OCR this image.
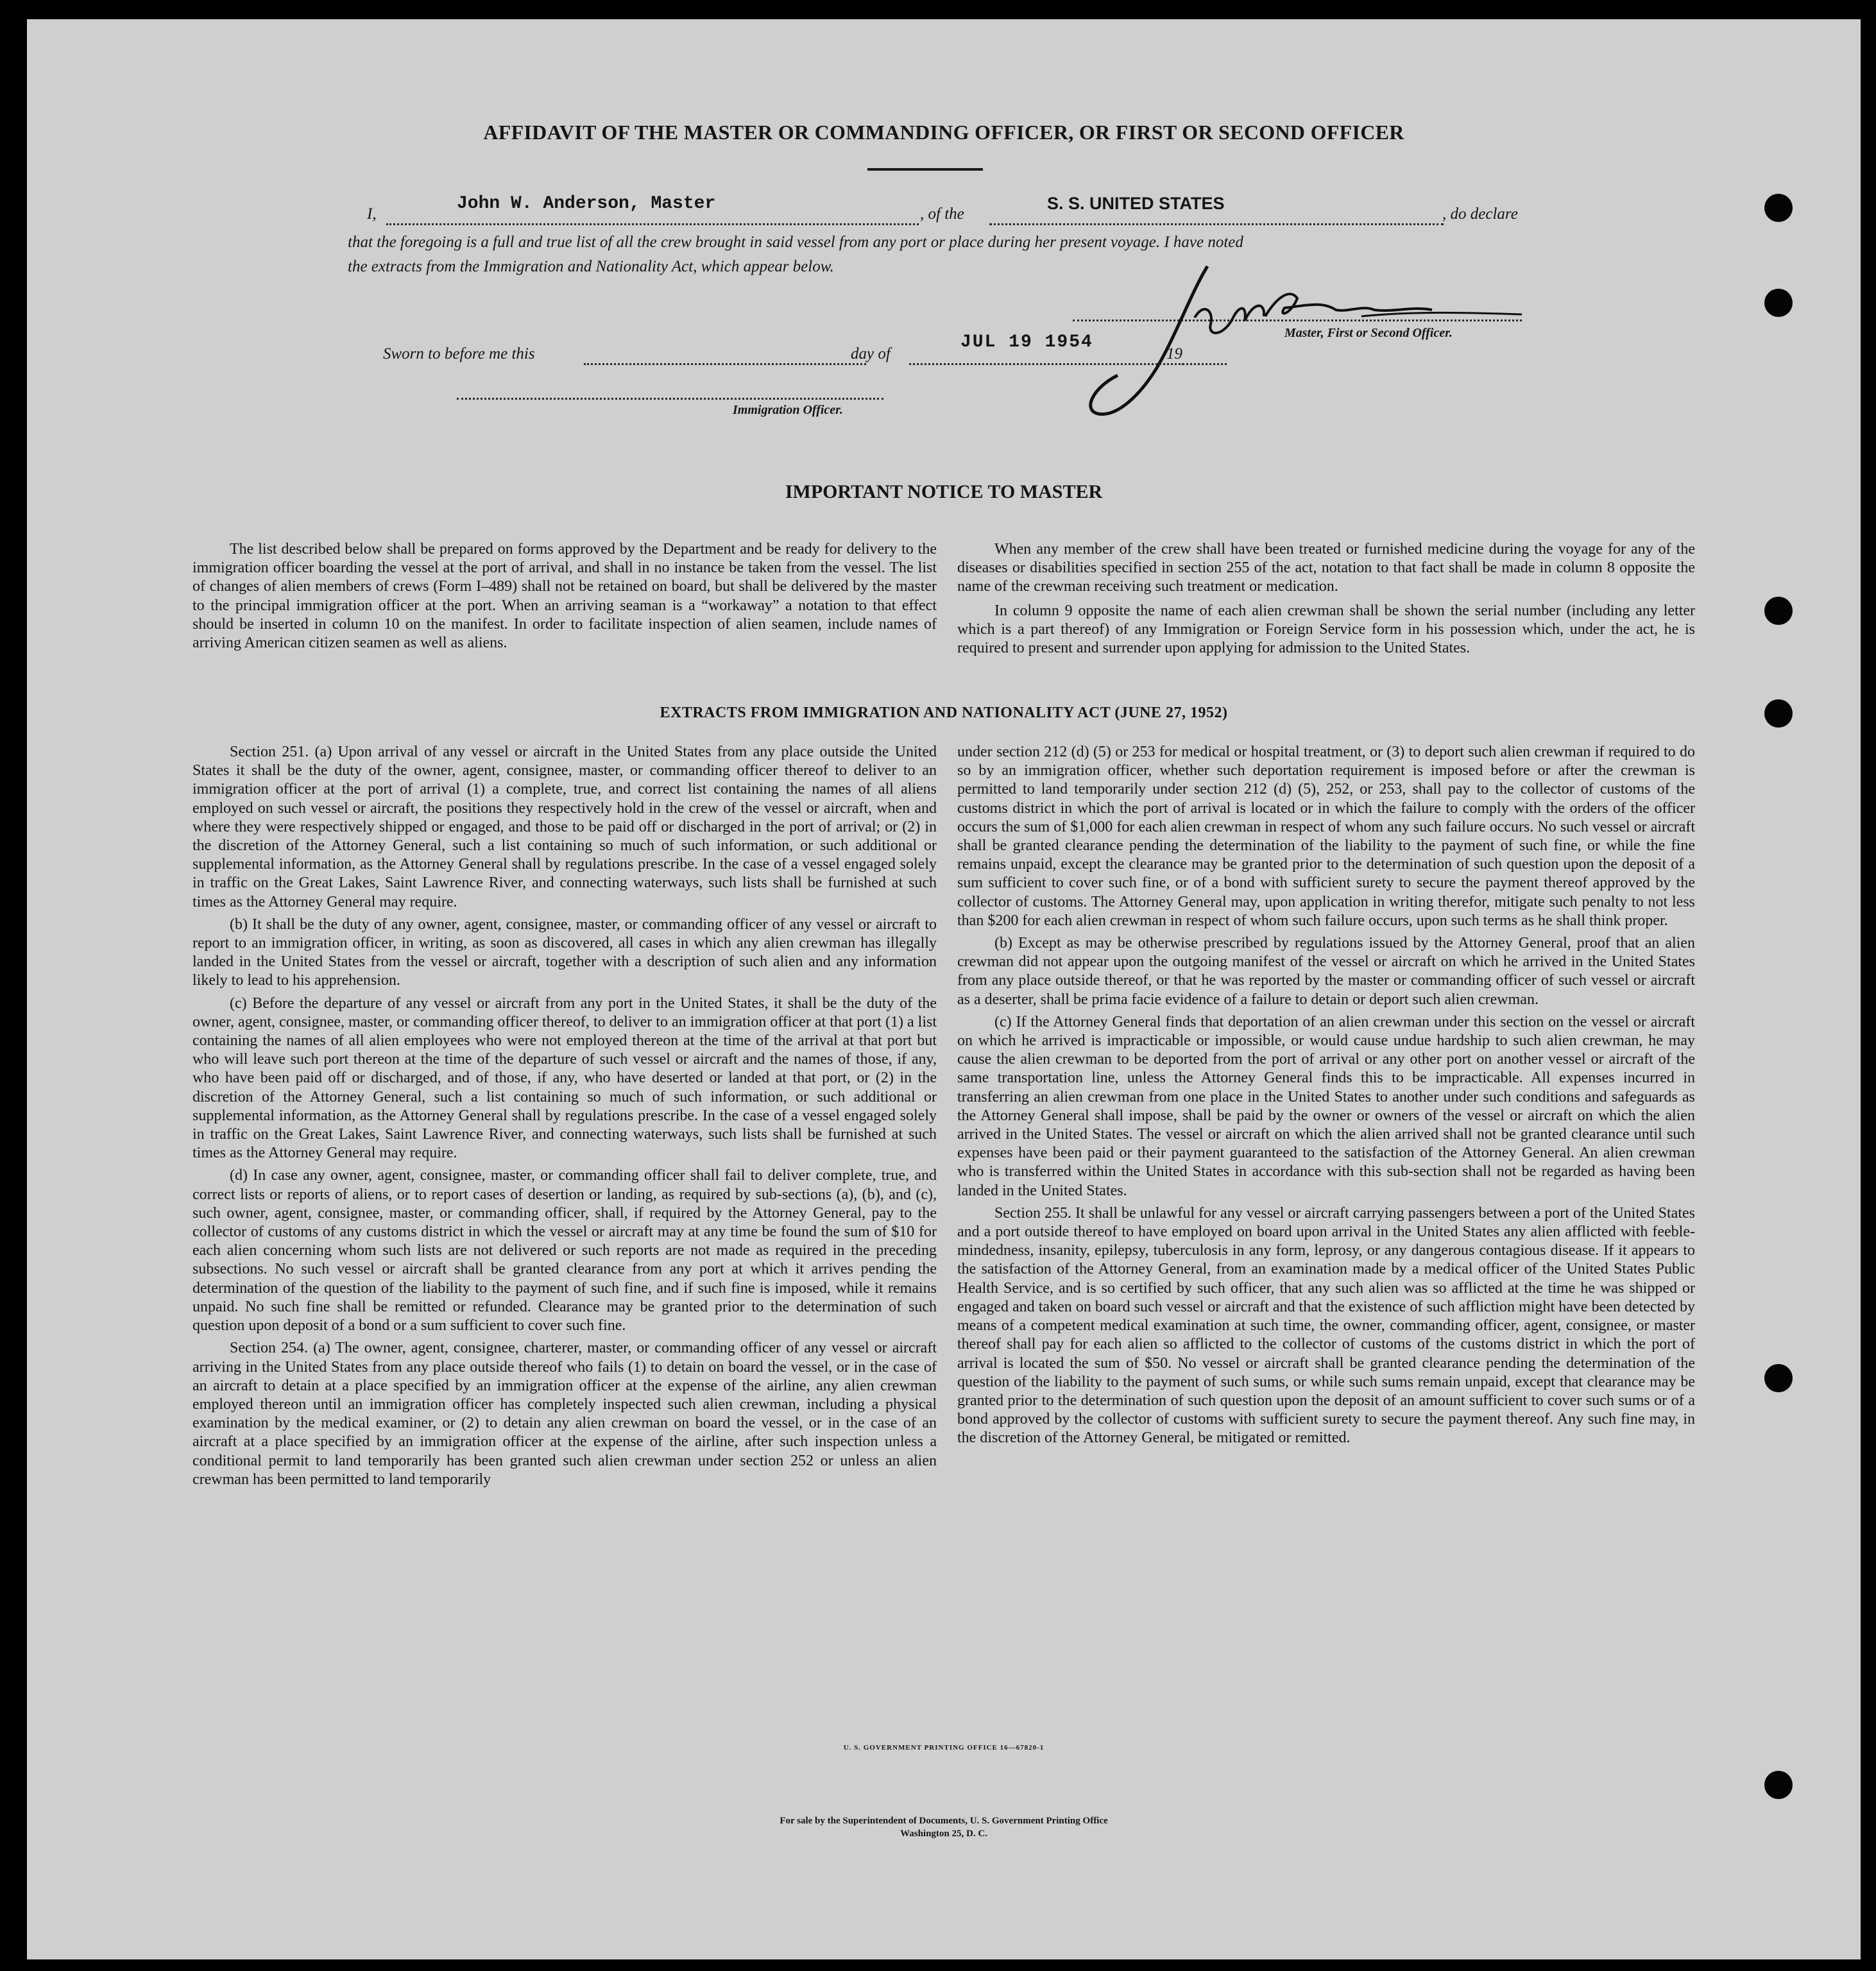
AFFIDAVIT OF THE MASTER OR COMMANDING OFFICER, OR FIRST OR SECOND OFFICER
I,
John W. Anderson, Master
, of the
S. S. UNITED STATES
, do declare
that the foregoing is a full and true list of all the crew brought in said vessel from any port or place during her present voyage. I have noted
the extracts from the Immigration and Nationality Act, which appear below.
Master, First or Second Officer.
Sworn to before me this	day of
JUL 19 1954
19
Immigration Officer.
IMPORTANT NOTICE TO MASTER

The list described below shall be prepared on forms approved by the Department and be ready for delivery to the immigration officer boarding the vessel at the port of arrival, and shall in no instance be taken from the vessel. The list of changes of alien members of crews (Form I–489) shall not be retained on board, but shall be delivered by the master to the principal immigration officer at the port. When an arriving seaman is a “workaway” a notation to that effect should be inserted in column 10 on the manifest. In order to facilitate inspection of alien seamen, include names of arriving American citizen seamen as well as aliens.

When any member of the crew shall have been treated or furnished medicine during the voyage for any of the diseases or disabilities specified in section 255 of the act, notation to that fact shall be made in column 8 opposite the name of the crewman receiving such treatment or medication.

In column 9 opposite the name of each alien crewman shall be shown the serial number (including any letter which is a part thereof) of any Immigration or Foreign Service form in his possession which, under the act, he is required to present and surrender upon applying for admission to the United States.

EXTRACTS FROM IMMIGRATION AND NATIONALITY ACT (JUNE 27, 1952)

Section 251. (a) Upon arrival of any vessel or aircraft in the United States from any place outside the United States it shall be the duty of the owner, agent, consignee, master, or commanding officer thereof to deliver to an immigration officer at the port of arrival (1) a complete, true, and correct list containing the names of all aliens employed on such vessel or aircraft, the positions they respectively hold in the crew of the vessel or aircraft, when and where they were respectively shipped or engaged, and those to be paid off or discharged in the port of arrival; or (2) in the discretion of the Attorney General, such a list containing so much of such information, or such additional or supplemental information, as the Attorney General shall by regulations prescribe. In the case of a vessel engaged solely in traffic on the Great Lakes, Saint Lawrence River, and connecting waterways, such lists shall be furnished at such times as the Attorney General may require.

(b) It shall be the duty of any owner, agent, consignee, master, or commanding officer of any vessel or aircraft to report to an immigration officer, in writing, as soon as discovered, all cases in which any alien crewman has illegally landed in the United States from the vessel or aircraft, together with a description of such alien and any information likely to lead to his apprehension.

(c) Before the departure of any vessel or aircraft from any port in the United States, it shall be the duty of the owner, agent, consignee, master, or commanding officer thereof, to deliver to an immigration officer at that port (1) a list containing the names of all alien employees who were not employed thereon at the time of the arrival at that port but who will leave such port thereon at the time of the departure of such vessel or aircraft and the names of those, if any, who have been paid off or discharged, and of those, if any, who have deserted or landed at that port, or (2) in the discretion of the Attorney General, such a list containing so much of such information, or such additional or supplemental information, as the Attorney General shall by regulations prescribe. In the case of a vessel engaged solely in traffic on the Great Lakes, Saint Lawrence River, and connecting waterways, such lists shall be furnished at such times as the Attorney General may require.

(d) In case any owner, agent, consignee, master, or commanding officer shall fail to deliver complete, true, and correct lists or reports of aliens, or to report cases of desertion or landing, as required by sub-sections (a), (b), and (c), such owner, agent, consignee, master, or commanding officer, shall, if required by the Attorney General, pay to the collector of customs of any customs district in which the vessel or aircraft may at any time be found the sum of $10 for each alien concerning whom such lists are not delivered or such reports are not made as required in the preceding subsections. No such vessel or aircraft shall be granted clearance from any port at which it arrives pending the determination of the question of the liability to the payment of such fine, and if such fine is imposed, while it remains unpaid. No such fine shall be remitted or refunded. Clearance may be granted prior to the determination of such question upon deposit of a bond or a sum sufficient to cover such fine.

Section 254. (a) The owner, agent, consignee, charterer, master, or commanding officer of any vessel or aircraft arriving in the United States from any place outside thereof who fails (1) to detain on board the vessel, or in the case of an aircraft to detain at a place specified by an immigration officer at the expense of the airline, any alien crewman employed thereon until an immigration officer has completely inspected such alien crewman, including a physical examination by the medical examiner, or (2) to detain any alien crewman on board the vessel, or in the case of an aircraft at a place specified by an immigration officer at the expense of the airline, after such inspection unless a conditional permit to land temporarily has been granted such alien crewman under section 252 or unless an alien crewman has been permitted to land temporarily

under section 212 (d) (5) or 253 for medical or hospital treatment, or (3) to deport such alien crewman if required to do so by an immigration officer, whether such deportation requirement is imposed before or after the crewman is permitted to land temporarily under section 212 (d) (5), 252, or 253, shall pay to the collector of customs of the customs district in which the port of arrival is located or in which the failure to comply with the orders of the officer occurs the sum of $1,000 for each alien crewman in respect of whom any such failure occurs. No such vessel or aircraft shall be granted clearance pending the determination of the liability to the payment of such fine, or while the fine remains unpaid, except the clearance may be granted prior to the determination of such question upon the deposit of a sum sufficient to cover such fine, or of a bond with sufficient surety to secure the payment thereof approved by the collector of customs. The Attorney General may, upon application in writing therefor, mitigate such penalty to not less than $200 for each alien crewman in respect of whom such failure occurs, upon such terms as he shall think proper.

(b) Except as may be otherwise prescribed by regulations issued by the Attorney General, proof that an alien crewman did not appear upon the outgoing manifest of the vessel or aircraft on which he arrived in the United States from any place outside thereof, or that he was reported by the master or commanding officer of such vessel or aircraft as a deserter, shall be prima facie evidence of a failure to detain or deport such alien crewman.

(c) If the Attorney General finds that deportation of an alien crewman under this section on the vessel or aircraft on which he arrived is impracticable or impossible, or would cause undue hardship to such alien crewman, he may cause the alien crewman to be deported from the port of arrival or any other port on another vessel or aircraft of the same transportation line, unless the Attorney General finds this to be impracticable. All expenses incurred in transferring an alien crewman from one place in the United States to another under such conditions and safeguards as the Attorney General shall impose, shall be paid by the owner or owners of the vessel or aircraft on which the alien arrived in the United States. The vessel or aircraft on which the alien arrived shall not be granted clearance until such expenses have been paid or their payment guaranteed to the satisfaction of the Attorney General. An alien crewman who is transferred within the United States in accordance with this sub-section shall not be regarded as having been landed in the United States.

Section 255. It shall be unlawful for any vessel or aircraft carrying passengers between a port of the United States and a port outside thereof to have employed on board upon arrival in the United States any alien afflicted with feeble-mindedness, insanity, epilepsy, tuberculosis in any form, leprosy, or any dangerous contagious disease. If it appears to the satisfaction of the Attorney General, from an examination made by a medical officer of the United States Public Health Service, and is so certified by such officer, that any such alien was so afflicted at the time he was shipped or engaged and taken on board such vessel or aircraft and that the existence of such affliction might have been detected by means of a competent medical examination at such time, the owner, commanding officer, agent, consignee, or master thereof shall pay for each alien so afflicted to the collector of customs of the customs district in which the port of arrival is located the sum of $50. No vessel or aircraft shall be granted clearance pending the determination of the question of the liability to the payment of such sums, or while such sums remain unpaid, except that clearance may be granted prior to the determination of such question upon the deposit of an amount sufficient to cover such sums or of a bond approved by the collector of customs with sufficient surety to secure the payment thereof. Any such fine may, in the discretion of the Attorney General, be mitigated or remitted.

U. S. GOVERNMENT PRINTING OFFICE 16—67820-1
For sale by the Superintendent of Documents, U. S. Government Printing Office
Washington 25, D. C.
